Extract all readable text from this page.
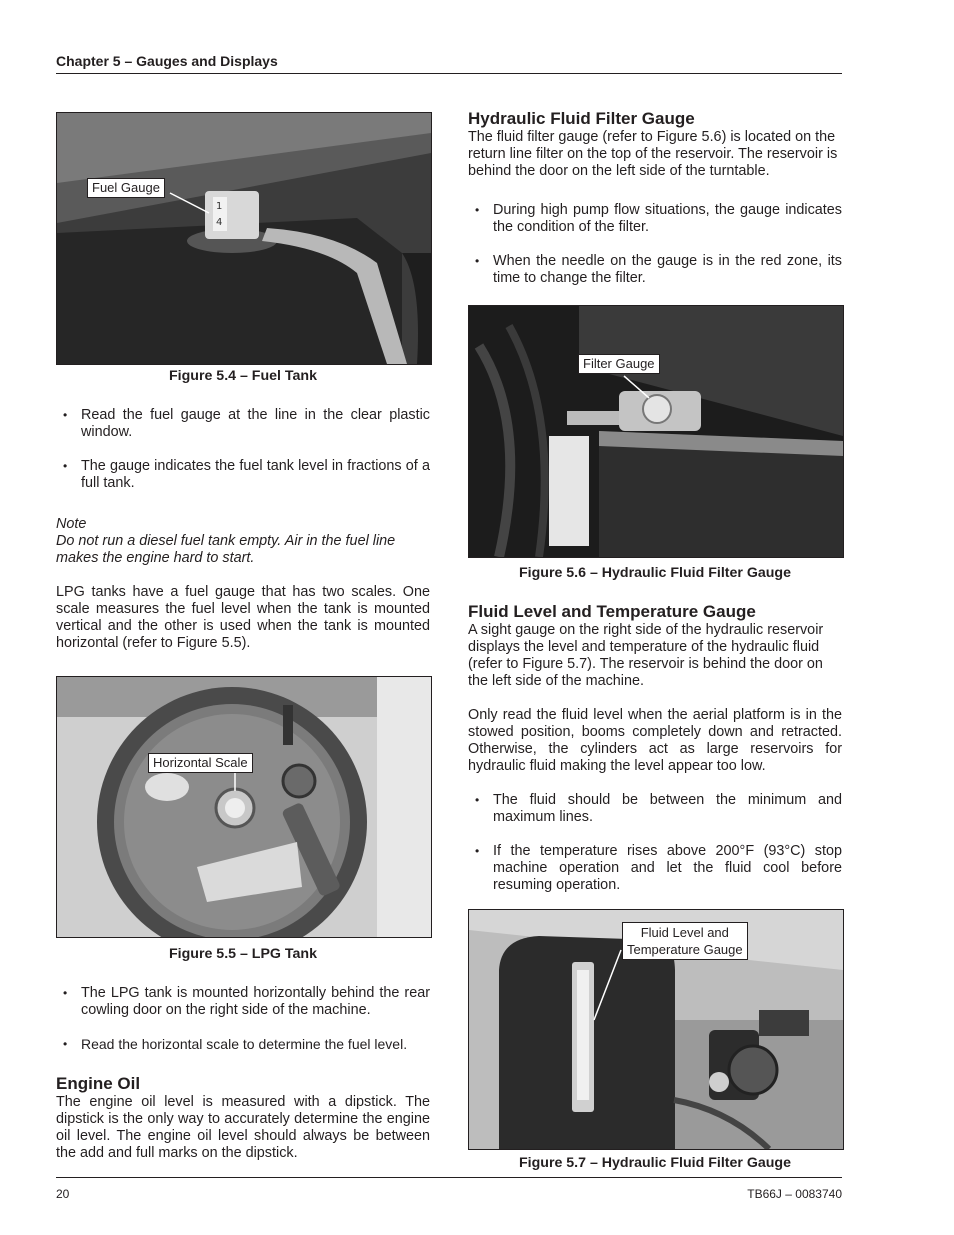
Chapter 5 – Gauges and Displays
1
4
Fuel Gauge
Figure 5.4 – Fuel Tank
• Read the fuel gauge at the line in the clear plastic window.
• The gauge indicates the fuel tank level in fractions of a full tank.
Note
Do not run a diesel fuel tank empty. Air in the fuel line makes the engine hard to start.
LPG tanks have a fuel gauge that has two scales. One scale measures the fuel level when the tank is mounted vertical and the other is used when the tank is mounted horizontal (refer to Figure 5.5).
Horizontal Scale
Figure 5.5 – LPG Tank
• The LPG tank is mounted horizontally behind the rear cowling door on the right side of the machine.
• Read the horizontal scale to determine the fuel level.
Engine Oil
The engine oil level is measured with a dipstick. The dipstick is the only way to accurately determine the engine oil level. The engine oil level should always be between the add and full marks on the dipstick.
Hydraulic Fluid Filter Gauge
The fluid filter gauge (refer to Figure 5.6) is located on the return line filter on the top of the reservoir. The reservoir is behind the door on the left side of the turntable.
• During high pump flow situations, the gauge indicates the condition of the filter.
• When the needle on the gauge is in the red zone, its time to change the filter.
Filter Gauge
Figure 5.6 – Hydraulic Fluid Filter Gauge
Fluid Level and Temperature Gauge
A sight gauge on the right side of the hydraulic reservoir displays the level and temperature of the hydraulic fluid (refer to Figure 5.7). The reservoir is behind the door on the left side of the machine.
Only read the fluid level when the aerial platform is in the stowed position, booms completely down and retracted. Otherwise, the cylinders act as large reservoirs for hydraulic fluid making the level appear too low.
• The fluid should be between the minimum and maximum lines.
• If the temperature rises above 200°F (93°C) stop machine operation and let the fluid cool before resuming operation.
Fluid Level and
Temperature Gauge
Figure 5.7 – Hydraulic Fluid Filter Gauge
20	TB66J – 0083740
